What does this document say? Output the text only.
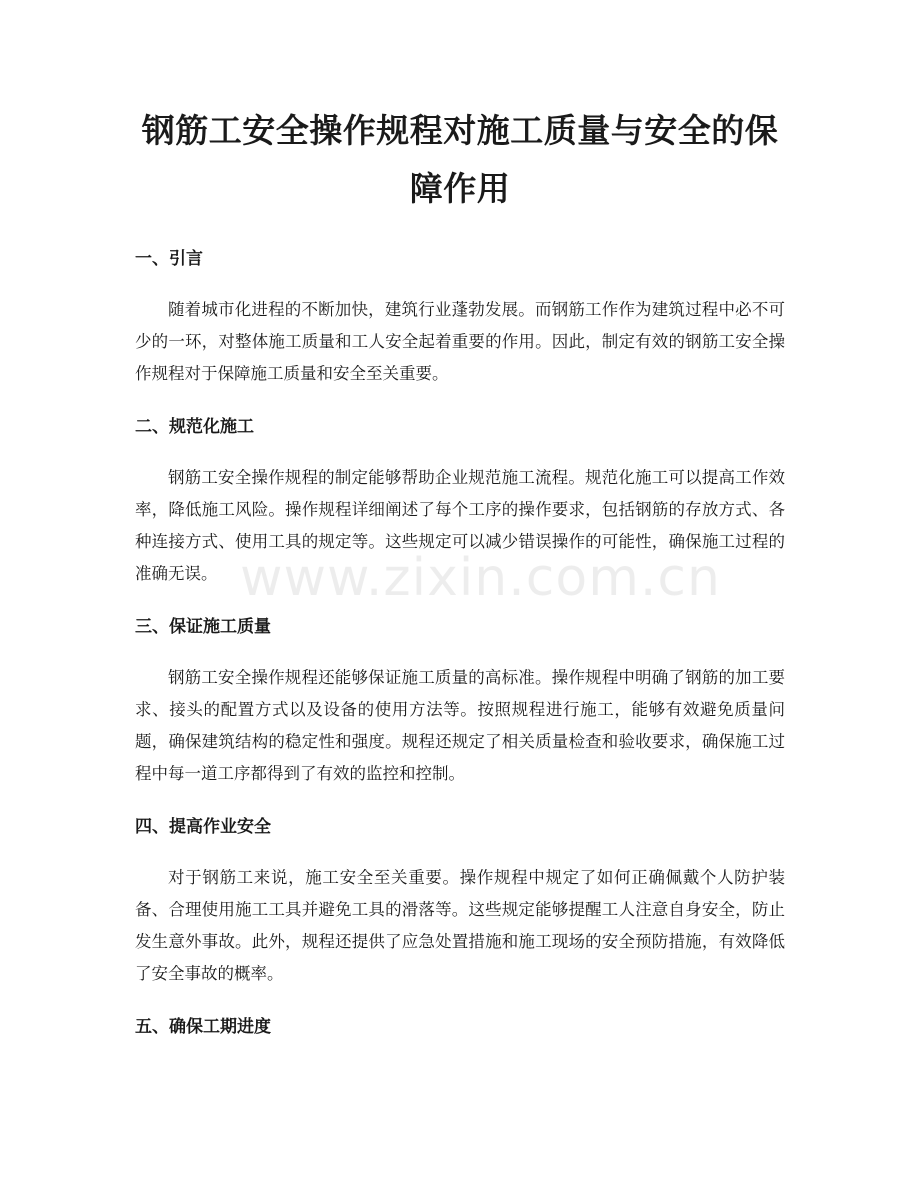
钢筋工安全操作规程对施工质量与安全的保障作用
一、引言

随着城市化进程的不断加快，建筑行业蓬勃发展。而钢筋工作作为建筑过程中必不可少的一环，对整体施工质量和工人安全起着重要的作用。因此，制定有效的钢筋工安全操作规程对于保障施工质量和安全至关重要。

二、规范化施工

钢筋工安全操作规程的制定能够帮助企业规范施工流程。规范化施工可以提高工作效率，降低施工风险。操作规程详细阐述了每个工序的操作要求，包括钢筋的存放方式、各种连接方式、使用工具的规定等。这些规定可以减少错误操作的可能性，确保施工过程的准确无误。

三、保证施工质量

钢筋工安全操作规程还能够保证施工质量的高标准。操作规程中明确了钢筋的加工要求、接头的配置方式以及设备的使用方法等。按照规程进行施工，能够有效避免质量问题，确保建筑结构的稳定性和强度。规程还规定了相关质量检查和验收要求，确保施工过程中每一道工序都得到了有效的监控和控制。

四、提高作业安全

对于钢筋工来说，施工安全至关重要。操作规程中规定了如何正确佩戴个人防护装备、合理使用施工工具并避免工具的滑落等。这些规定能够提醒工人注意自身安全，防止发生意外事故。此外，规程还提供了应急处置措施和施工现场的安全预防措施，有效降低了安全事故的概率。

五、确保工期进度
www.zixin.com.cn
